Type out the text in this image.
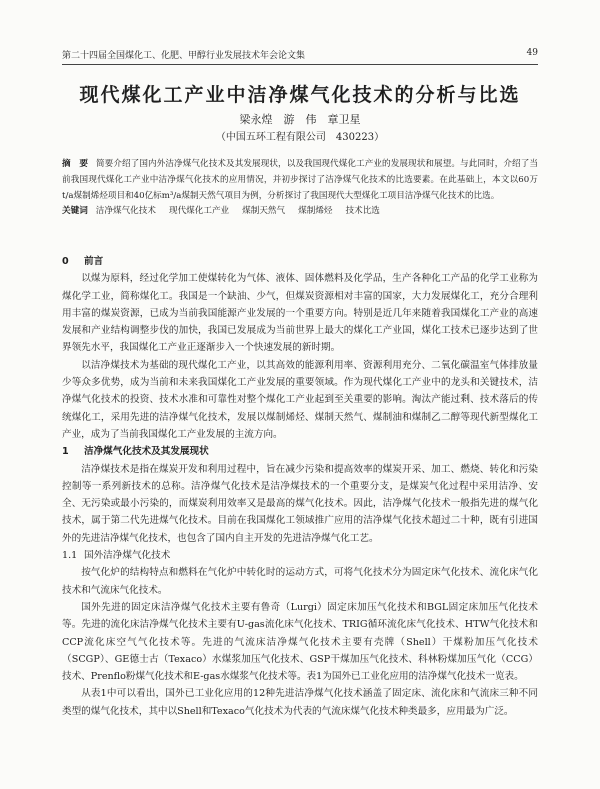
第二十四届全国煤化工、化肥、甲醇行业发展技术年会论文集	49
现代煤化工产业中洁净煤气化技术的分析与比选
梁永煌　游　伟　章卫星
（中国五环工程有限公司　430223）
摘　要 简要介绍了国内外洁净煤气化技术及其发展现状，以及我国现代煤化工产业的发展现状和展望。与此同时，介绍了当前我国现代煤化工产业中洁净煤气化技术的应用情况，并初步探讨了洁净煤气化技术的比选要素。在此基础上，本文以60万t/a煤制烯烃项目和40亿标m³/a煤制天然气项目为例，分析探讨了我国现代大型煤化工项目洁净煤气化技术的比选。
关键词 洁净煤气化技术 现代煤化工产业 煤制天然气 煤制烯烃 技术比选
0 前言

以煤为原料，经过化学加工使煤转化为气体、液体、固体燃料及化学品，生产各种化工产品的化学工业称为煤化学工业，简称煤化工。我国是一个缺油、少气，但煤炭资源相对丰富的国家，大力发展煤化工，充分合理利用丰富的煤炭资源，已成为当前我国能源产业发展的一个重要方向。特别是近几年来随着我国煤化工产业的高速发展和产业结构调整步伐的加快，我国已发展成为当前世界上最大的煤化工产业国，煤化工技术已逐步达到了世界领先水平，我国煤化工产业正逐渐步入一个快速发展的新时期。

以洁净煤技术为基础的现代煤化工产业，以其高效的能源利用率、资源利用充分、二氧化碳温室气体排放量少等众多优势，成为当前和未来我国煤化工产业发展的重要领域。作为现代煤化工产业中的龙头和关键技术，洁净煤气化技术的投资、技术水准和可靠性对整个煤化工产业起到至关重要的影响。淘汰产能过剩、技术落后的传统煤化工，采用先进的洁净煤气化技术，发展以煤制烯烃、煤制天然气、煤制油和煤制乙二醇等现代新型煤化工产业，成为了当前我国煤化工产业发展的主流方向。

1 洁净煤气化技术及其发展现状

洁净煤技术是指在煤炭开发和利用过程中，旨在减少污染和提高效率的煤炭开采、加工、燃烧、转化和污染控制等一系列新技术的总称。洁净煤气化技术是洁净煤技术的一个重要分支，是煤炭气化过程中采用洁净、安全、无污染或最小污染的，而煤炭利用效率又是最高的煤气化技术。因此，洁净煤气化技术一般指先进的煤气化技术，属于第二代先进煤气化技术。目前在我国煤化工领域推广应用的洁净煤气化技术超过二十种，既有引进国外的先进洁净煤气化技术，也包含了国内自主开发的先进洁净煤气化工艺。

1.1 国外洁净煤气化技术

按气化炉的结构特点和燃料在气化炉中转化时的运动方式，可将气化技术分为固定床气化技术、流化床气化技术和气流床气化技术。

国外先进的固定床洁净煤气化技术主要有鲁奇（Lurgi）固定床加压气化技术和BGL固定床加压气化技术等。先进的流化床洁净煤气化技术主要有U-gas流化床气化技术、TRIG循环流化床气化技术、HTW气化技术和CCP流化床空气气化技术等。先进的气流床洁净煤气化技术主要有壳牌（Shell）干煤粉加压气化技术（SCGP）、GE德士古（Texaco）水煤浆加压气化技术、GSP干煤加压气化技术、科林粉煤加压气化（CCG）技术、Prenflo粉煤气化技术和E-gas水煤浆气化技术等。表1为国外已工业化应用的洁净煤气化技术一览表。

从表1中可以看出，国外已工业化应用的12种先进洁净煤气化技术涵盖了固定床、流化床和气流床三种不同类型的煤气化技术，其中以Shell和Texaco气化技术为代表的气流床煤气化技术种类最多，应用最为广泛。
